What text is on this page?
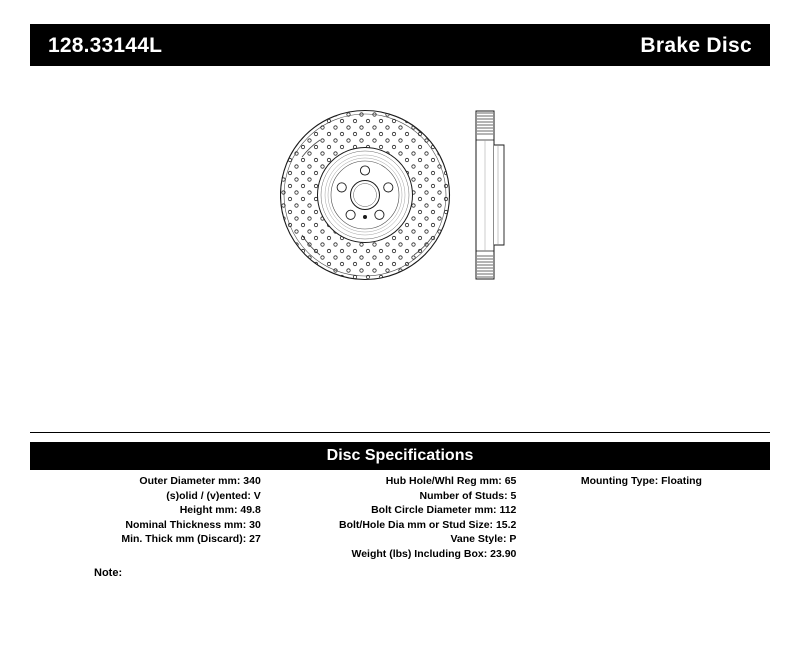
128.33144L	Brake Disc
Disc Specifications
Outer Diameter mm: 340
(s)olid / (v)ented: V
Height mm: 49.8
Nominal Thickness mm: 30
Min. Thick mm (Discard): 27
Hub Hole/Whl Reg mm: 65
Number of Studs: 5
Bolt Circle Diameter mm: 112
Bolt/Hole Dia mm or Stud Size: 15.2
Vane Style: P
Weight (lbs) Including Box: 23.90
Mounting Type: Floating
Note:
